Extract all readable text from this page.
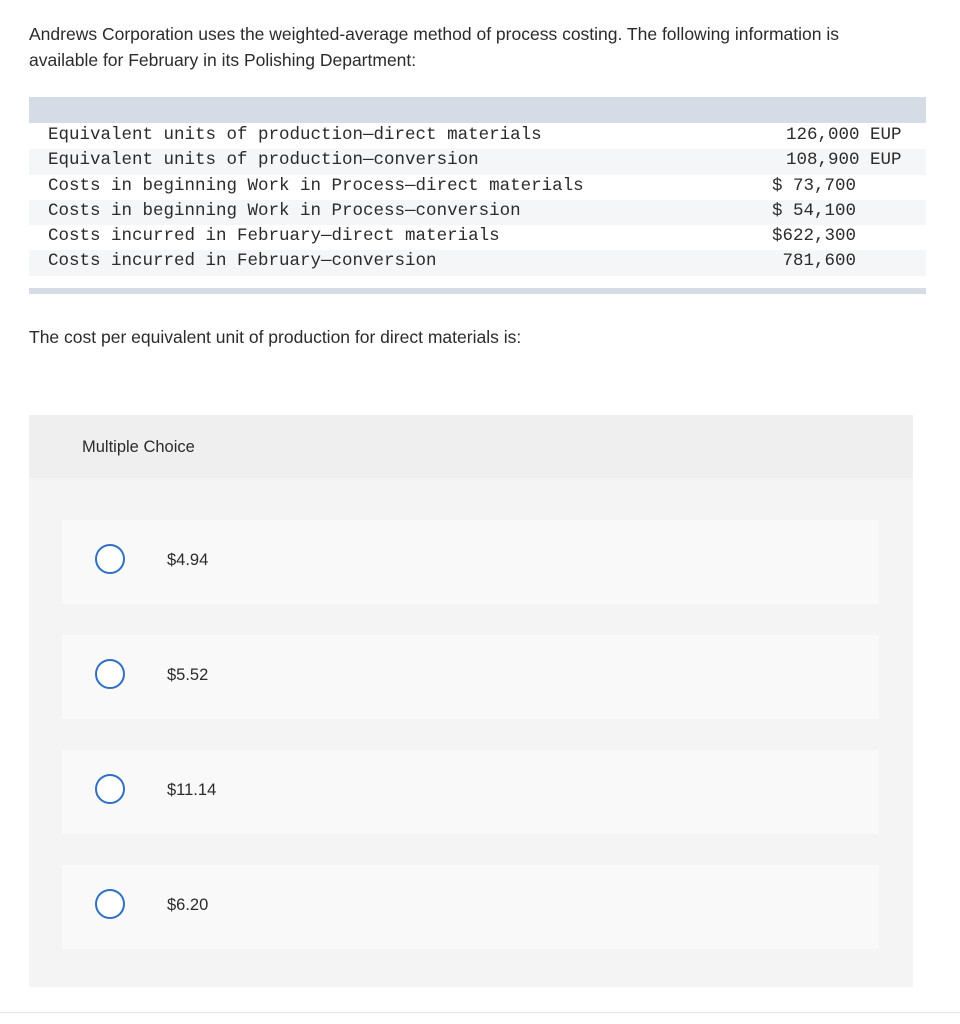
Andrews Corporation uses the weighted-average method of process costing. The following information is available for February in its Polishing Department:

Equivalent units of production—direct materials	126,000 EUP
Equivalent units of production—conversion	108,900 EUP
Costs in beginning Work in Process—direct materials	$ 73,700
Costs in beginning Work in Process—conversion	$ 54,100
Costs incurred in February—direct materials	$622,300
Costs incurred in February—conversion	781,600

The cost per equivalent unit of production for direct materials is:

Multiple Choice
$4.94
$5.52
$11.14
$6.20
